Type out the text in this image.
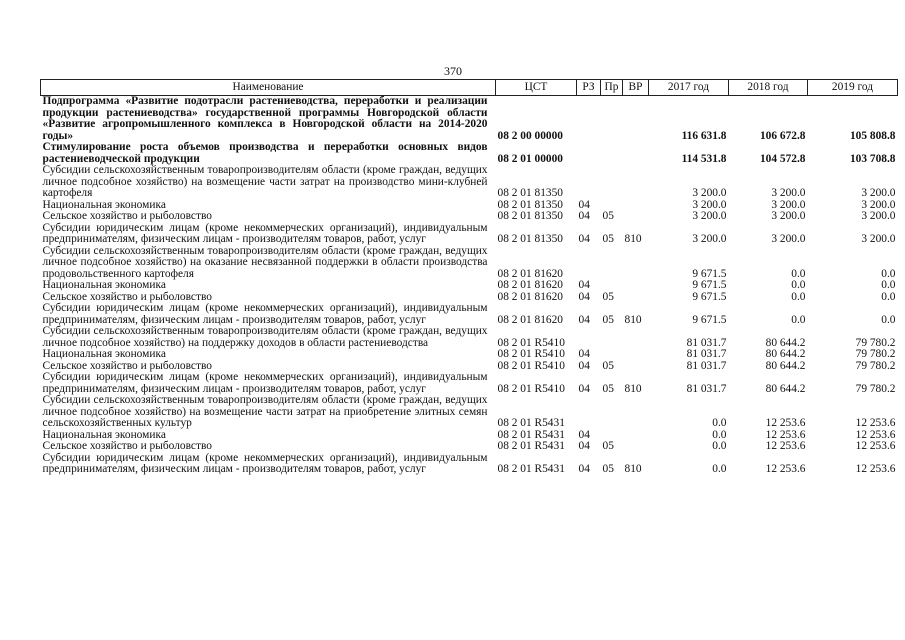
370
Наименование	ЦСТ	РЗ	Пр	ВР	2017 год	2018 год	2019 год
Подпрограмма «Развитие подотрасли растениеводства, переработки и реализации продукции растениеводства» государственной программы Новгородской области «Развитие агропромышленного комплекса в Новгородской области на 2014-2020 годы»	08 2 00 00000				116 631.8	106 672.8	105 808.8
Стимулирование роста объемов производства и переработки основных видов растениеводческой продукции	08 2 01 00000				114 531.8	104 572.8	103 708.8
Субсидии сельскохозяйственным товаропроизводителям области (кроме граждан, ведущих личное подсобное хозяйство) на возмещение части затрат на производство мини-клубней картофеля	08 2 01 81350				3 200.0	3 200.0	3 200.0
Национальная экономика	08 2 01 81350	04			3 200.0	3 200.0	3 200.0
Сельское хозяйство и рыболовство	08 2 01 81350	04	05		3 200.0	3 200.0	3 200.0
Субсидии юридическим лицам (кроме некоммерческих организаций), индивидуальным предпринимателям, физическим лицам - производителям товаров, работ, услуг	08 2 01 81350	04	05	810	3 200.0	3 200.0	3 200.0
Субсидии сельскохозяйственным товаропроизводителям области (кроме граждан, ведущих личное подсобное хозяйство) на оказание несвязанной поддержки в области производства продовольственного картофеля	08 2 01 81620				9 671.5	0.0	0.0
Национальная экономика	08 2 01 81620	04			9 671.5	0.0	0.0
Сельское хозяйство и рыболовство	08 2 01 81620	04	05		9 671.5	0.0	0.0
Субсидии юридическим лицам (кроме некоммерческих организаций), индивидуальным предпринимателям, физическим лицам - производителям товаров, работ, услуг	08 2 01 81620	04	05	810	9 671.5	0.0	0.0
Субсидии сельскохозяйственным товаропроизводителям области (кроме граждан, ведущих личное подсобное хозяйство) на поддержку доходов в области растениеводства	08 2 01 R5410				81 031.7	80 644.2	79 780.2
Национальная экономика	08 2 01 R5410	04			81 031.7	80 644.2	79 780.2
Сельское хозяйство и рыболовство	08 2 01 R5410	04	05		81 031.7	80 644.2	79 780.2
Субсидии юридическим лицам (кроме некоммерческих организаций), индивидуальным предпринимателям, физическим лицам - производителям товаров, работ, услуг	08 2 01 R5410	04	05	810	81 031.7	80 644.2	79 780.2
Субсидии сельскохозяйственным товаропроизводителям области (кроме граждан, ведущих личное подсобное хозяйство) на возмещение части затрат на приобретение элитных семян сельскохозяйственных культур	08 2 01 R5431				0.0	12 253.6	12 253.6
Национальная экономика	08 2 01 R5431	04			0.0	12 253.6	12 253.6
Сельское хозяйство и рыболовство	08 2 01 R5431	04	05		0.0	12 253.6	12 253.6
Субсидии юридическим лицам (кроме некоммерческих организаций), индивидуальным предпринимателям, физическим лицам - производителям товаров, работ, услуг	08 2 01 R5431	04	05	810	0.0	12 253.6	12 253.6
